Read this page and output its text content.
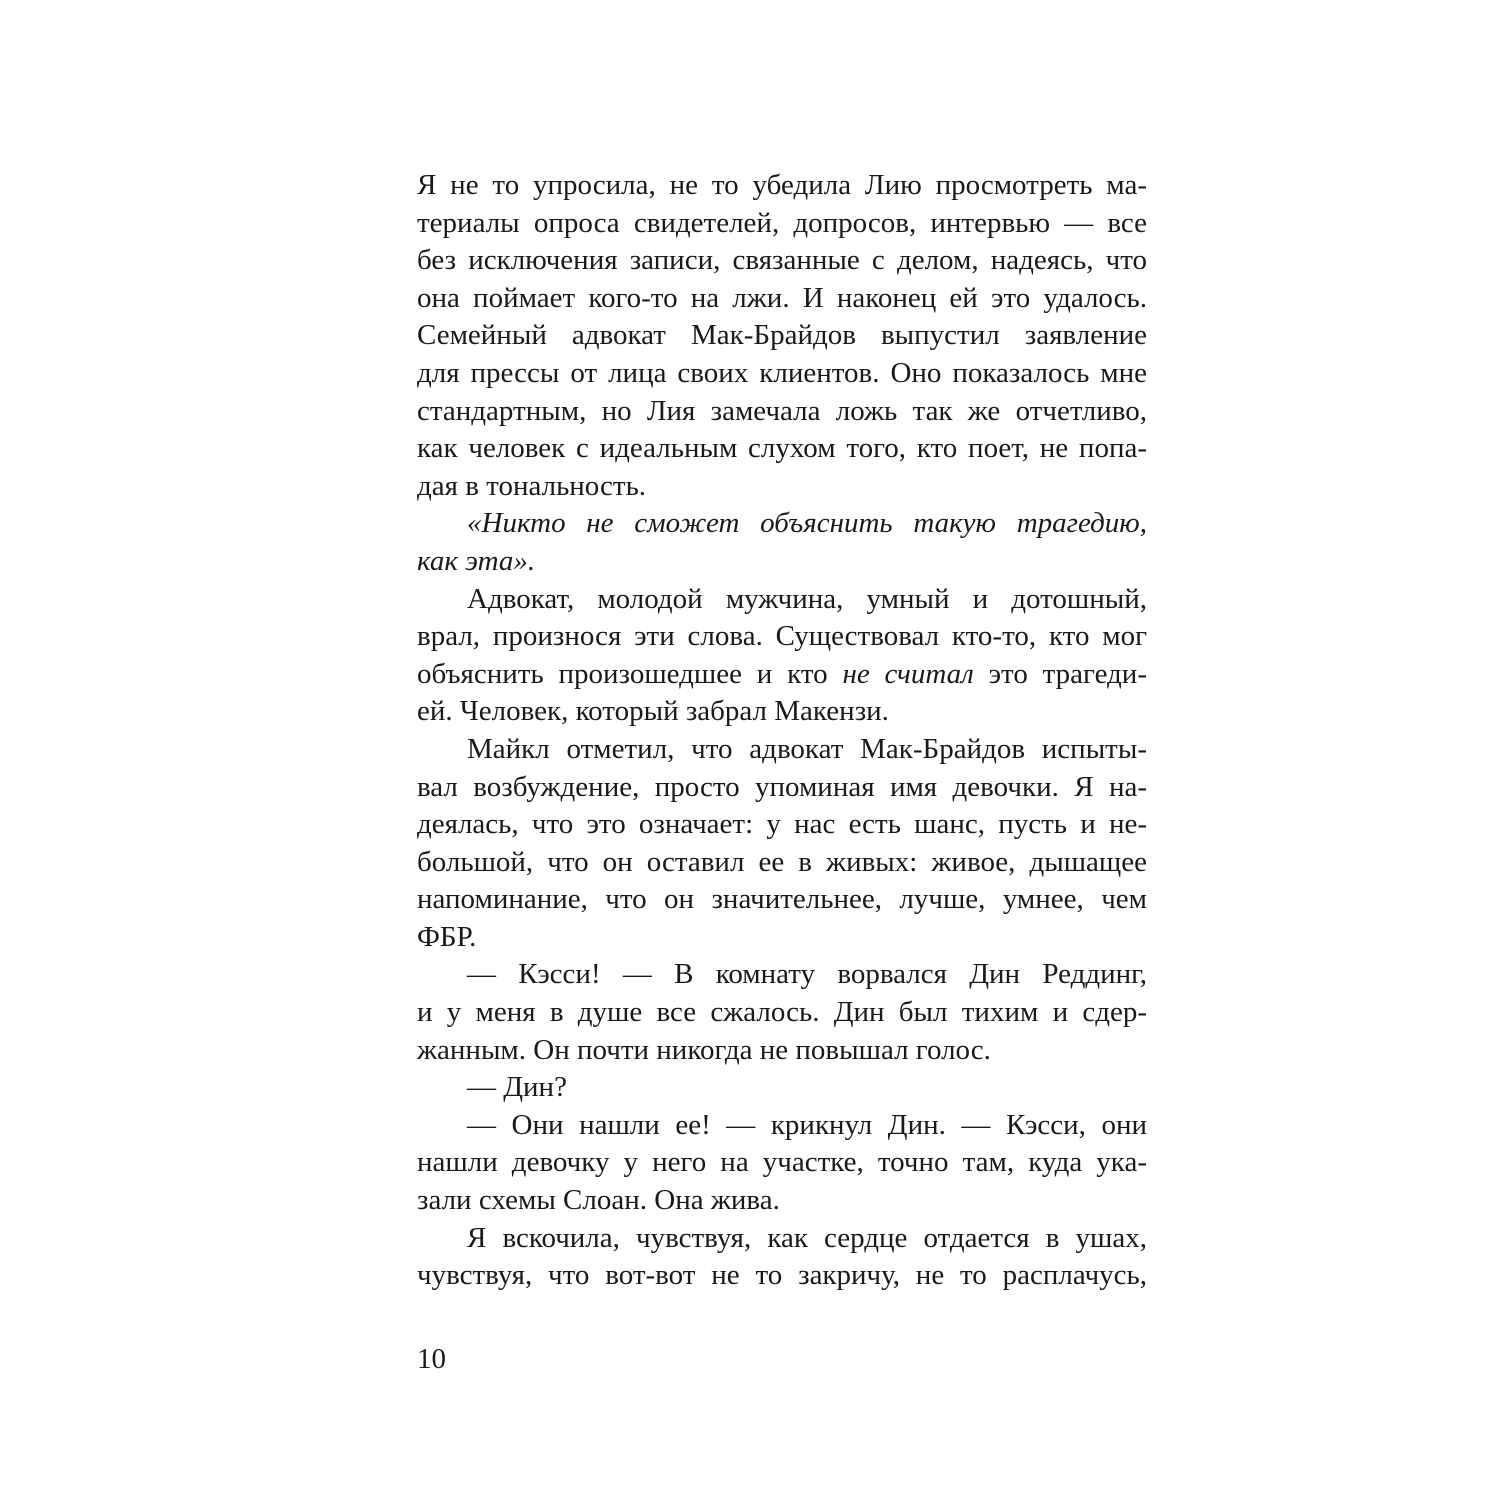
Я не то упросила, не то убедила Лию просмотреть ма-
териалы опроса свидетелей, допросов, интервью — все
без исключения записи, связанные с делом, надеясь, что
она поймает кого-то на лжи. И наконец ей это удалось.
Семейный адвокат Мак-Брайдов выпустил заявление
для прессы от лица своих клиентов. Оно показалось мне
стандартным, но Лия замечала ложь так же отчетливо,
как человек с идеальным слухом того, кто поет, не попа-
дая в тональность.
«Никто не сможет объяснить такую трагедию,
как эта».
Адвокат, молодой мужчина, умный и дотошный,
врал, произнося эти слова. Существовал кто-то, кто мог
объяснить произошедшее и кто не считал это трагеди-
ей. Человек, который забрал Макензи.
Майкл отметил, что адвокат Мак-Брайдов испыты-
вал возбуждение, просто упоминая имя девочки. Я на-
деялась, что это означает: у нас есть шанс, пусть и не-
большой, что он оставил ее в живых: живое, дышащее
напоминание, что он значительнее, лучше, умнее, чем
ФБР.
— Кэсси! — В комнату ворвался Дин Реддинг,
и у меня в душе все сжалось. Дин был тихим и сдер-
жанным. Он почти никогда не повышал голос.
— Дин?
— Они нашли ее! — крикнул Дин. — Кэсси, они
нашли девочку у него на участке, точно там, куда ука-
зали схемы Слоан. Она жива.
Я вскочила, чувствуя, как сердце отдается в ушах,
чувствуя, что вот-вот не то закричу, не то расплачусь,
10
